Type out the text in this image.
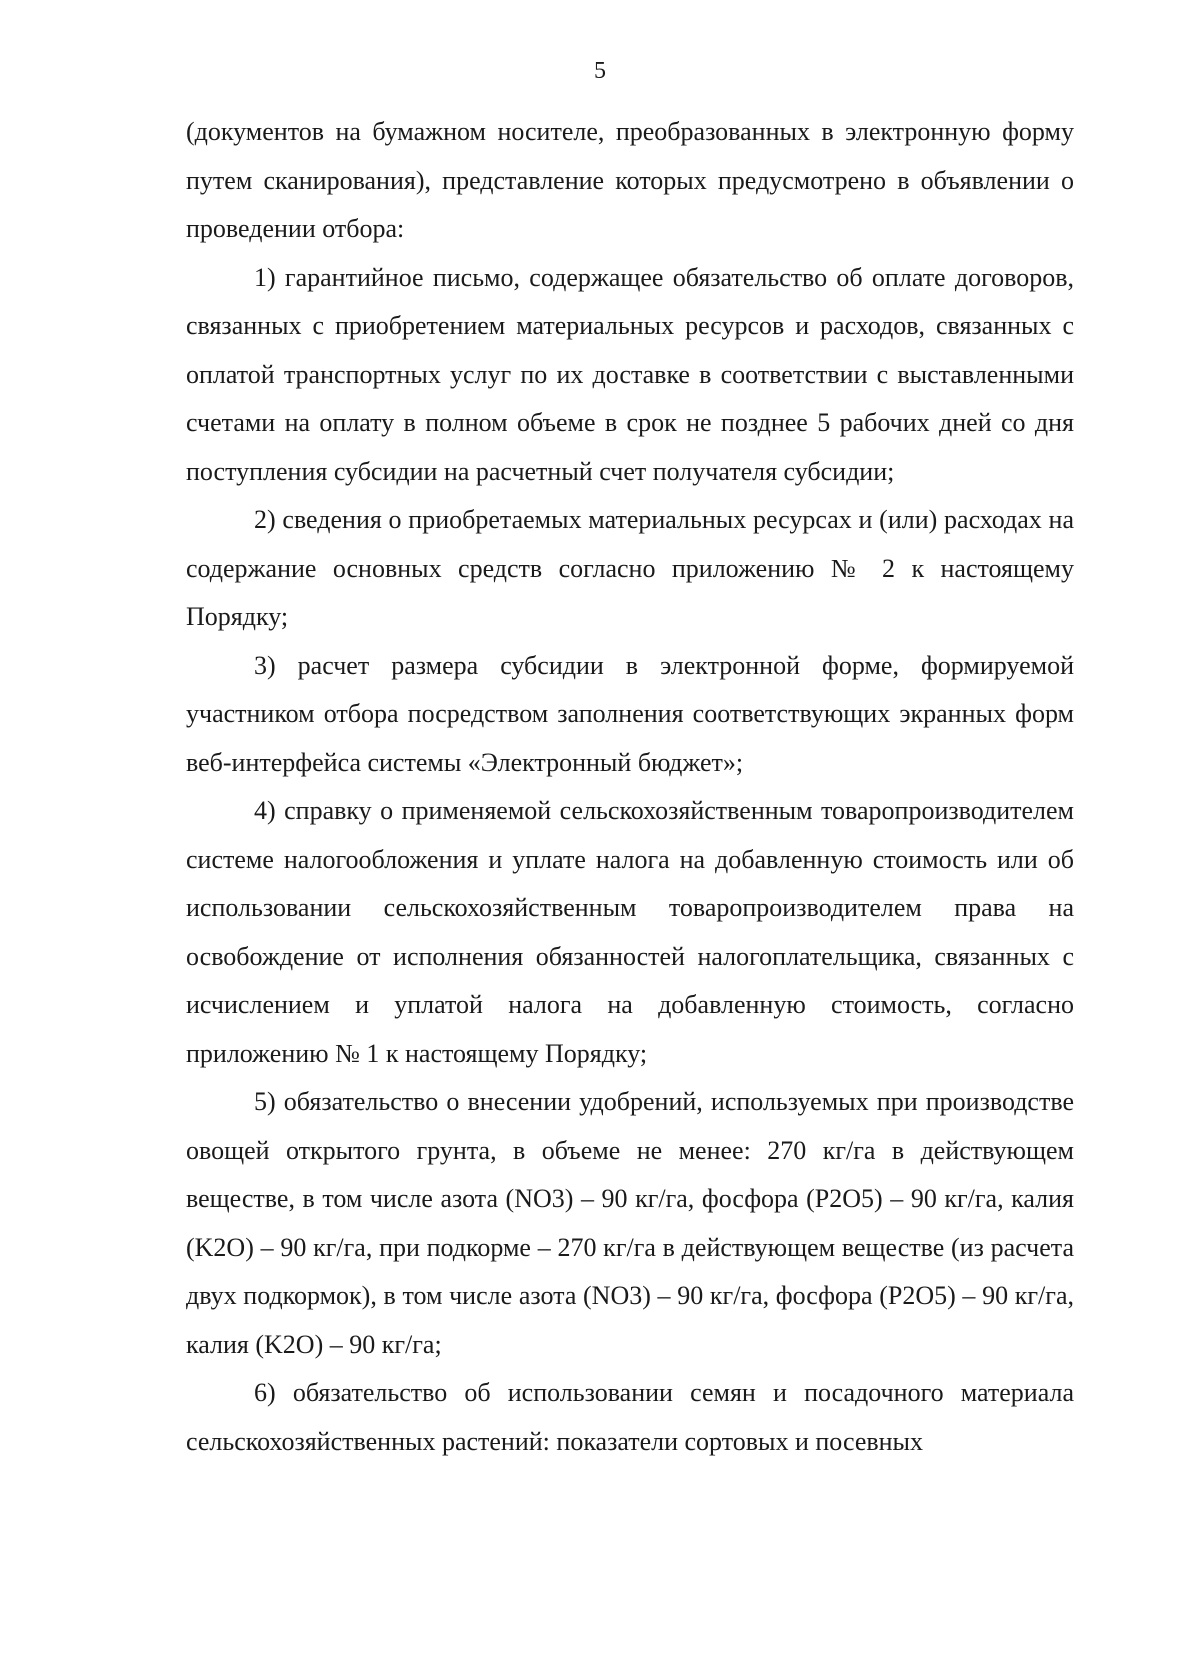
5

(документов на бумажном носителе, преобразованных в электронную форму путем сканирования), представление которых предусмотрено в объявлении о проведении отбора:

1) гарантийное письмо, содержащее обязательство об оплате договоров, связанных с приобретением материальных ресурсов и расходов, связанных с оплатой транспортных услуг по их доставке в соответствии с выставленными счетами на оплату в полном объеме в срок не позднее 5 рабочих дней со дня поступления субсидии на расчетный счет получателя субсидии;

2) сведения о приобретаемых материальных ресурсах и (или) расходах на содержание основных средств согласно приложению № 2 к настоящему Порядку;

3) расчет размера субсидии в электронной форме, формируемой участником отбора посредством заполнения соответствующих экранных форм веб-интерфейса системы «Электронный бюджет»;

4) справку о применяемой сельскохозяйственным товаропроизводителем системе налогообложения и уплате налога на добавленную стоимость или об использовании сельскохозяйственным товаропроизводителем права на освобождение от исполнения обязанностей налогоплательщика, связанных с исчислением и уплатой налога на добавленную стоимость, согласно приложению № 1 к настоящему Порядку;

5) обязательство о внесении удобрений, используемых при производстве овощей открытого грунта, в объеме не менее: 270 кг/га в действующем веществе, в том числе азота (NO3) – 90 кг/га, фосфора (P2O5) – 90 кг/га, калия (K2O) – 90 кг/га, при подкорме – 270 кг/га в действующем веществе (из расчета двух подкормок), в том числе азота (NO3) – 90 кг/га, фосфора (P2O5) – 90 кг/га, калия (K2O) – 90 кг/га;

6) обязательство об использовании семян и посадочного материала сельскохозяйственных растений: показатели сортовых и посевных
